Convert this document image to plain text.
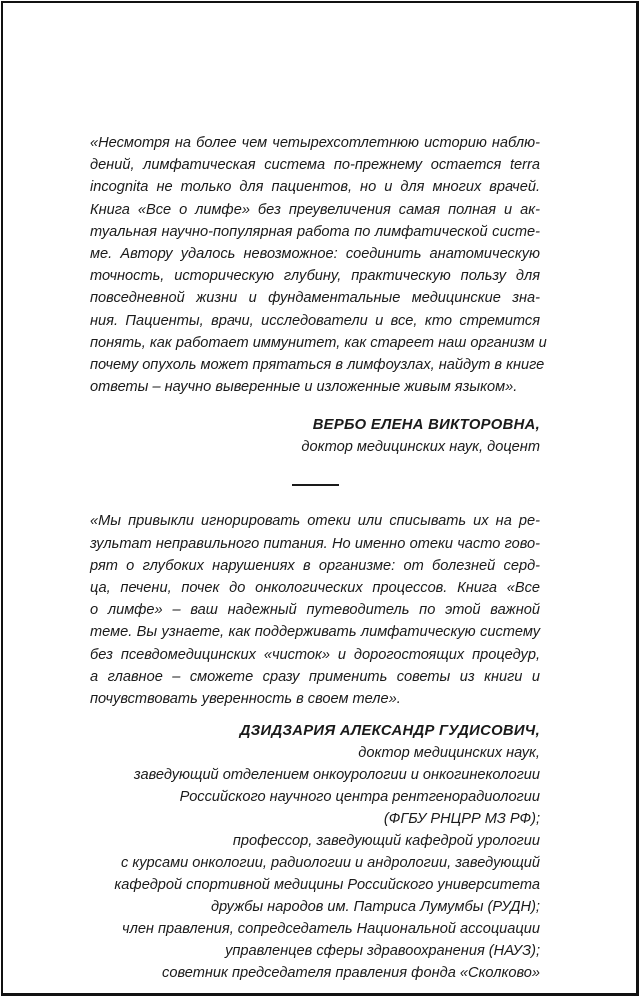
«Несмотря на более чем четырехсотлетнюю историю наблю-
дений, лимфатическая система по-прежнему остается terra
incognita не только для пациентов, но и для многих врачей.
Книга «Все о лимфе» без преувеличения самая полная и ак-
туальная научно-популярная работа по лимфатической систе-
ме. Автору удалось невозможное: соединить анатомическую
точность, историческую глубину, практическую пользу для
повседневной жизни и фундаментальные медицинские зна-
ния. Пациенты, врачи, исследователи и все, кто стремится
понять, как работает иммунитет, как стареет наш организм и
почему опухоль может прятаться в лимфоузлах, найдут в книге
ответы – научно выверенные и изложенные живым языком».

ВЕРБО ЕЛЕНА ВИКТОРОВНА,

доктор медицинских наук, доцент
«Мы привыкли игнорировать отеки или списывать их на ре-
зультат неправильного питания. Но именно отеки часто гово-
рят о глубоких нарушениях в организме: от болезней серд-
ца, печени, почек до онкологических процессов. Книга «Все
о лимфе» – ваш надежный путеводитель по этой важной
теме. Вы узнаете, как поддерживать лимфатическую систему
без псевдомедицинских «чисток» и дорогостоящих процедур,
а главное – сможете сразу применить советы из книги и
почувствовать уверенность в своем теле».

ДЗИДЗАРИЯ АЛЕКСАНДР ГУДИСОВИЧ,

доктор медицинских наук,
заведующий отделением онкоурологии и онкогинекологии
Российского научного центра рентгенорадиологии
(ФГБУ РНЦРР МЗ РФ);
профессор, заведующий кафедрой урологии
с курсами онкологии, радиологии и андрологии, заведующий
кафедрой спортивной медицины Российского университета
дружбы народов им. Патриса Лумумбы (РУДН);
член правления, сопредседатель Национальной ассоциации
управленцев сферы здравоохранения (НАУЗ);
советник председателя правления фонда «Сколково»
